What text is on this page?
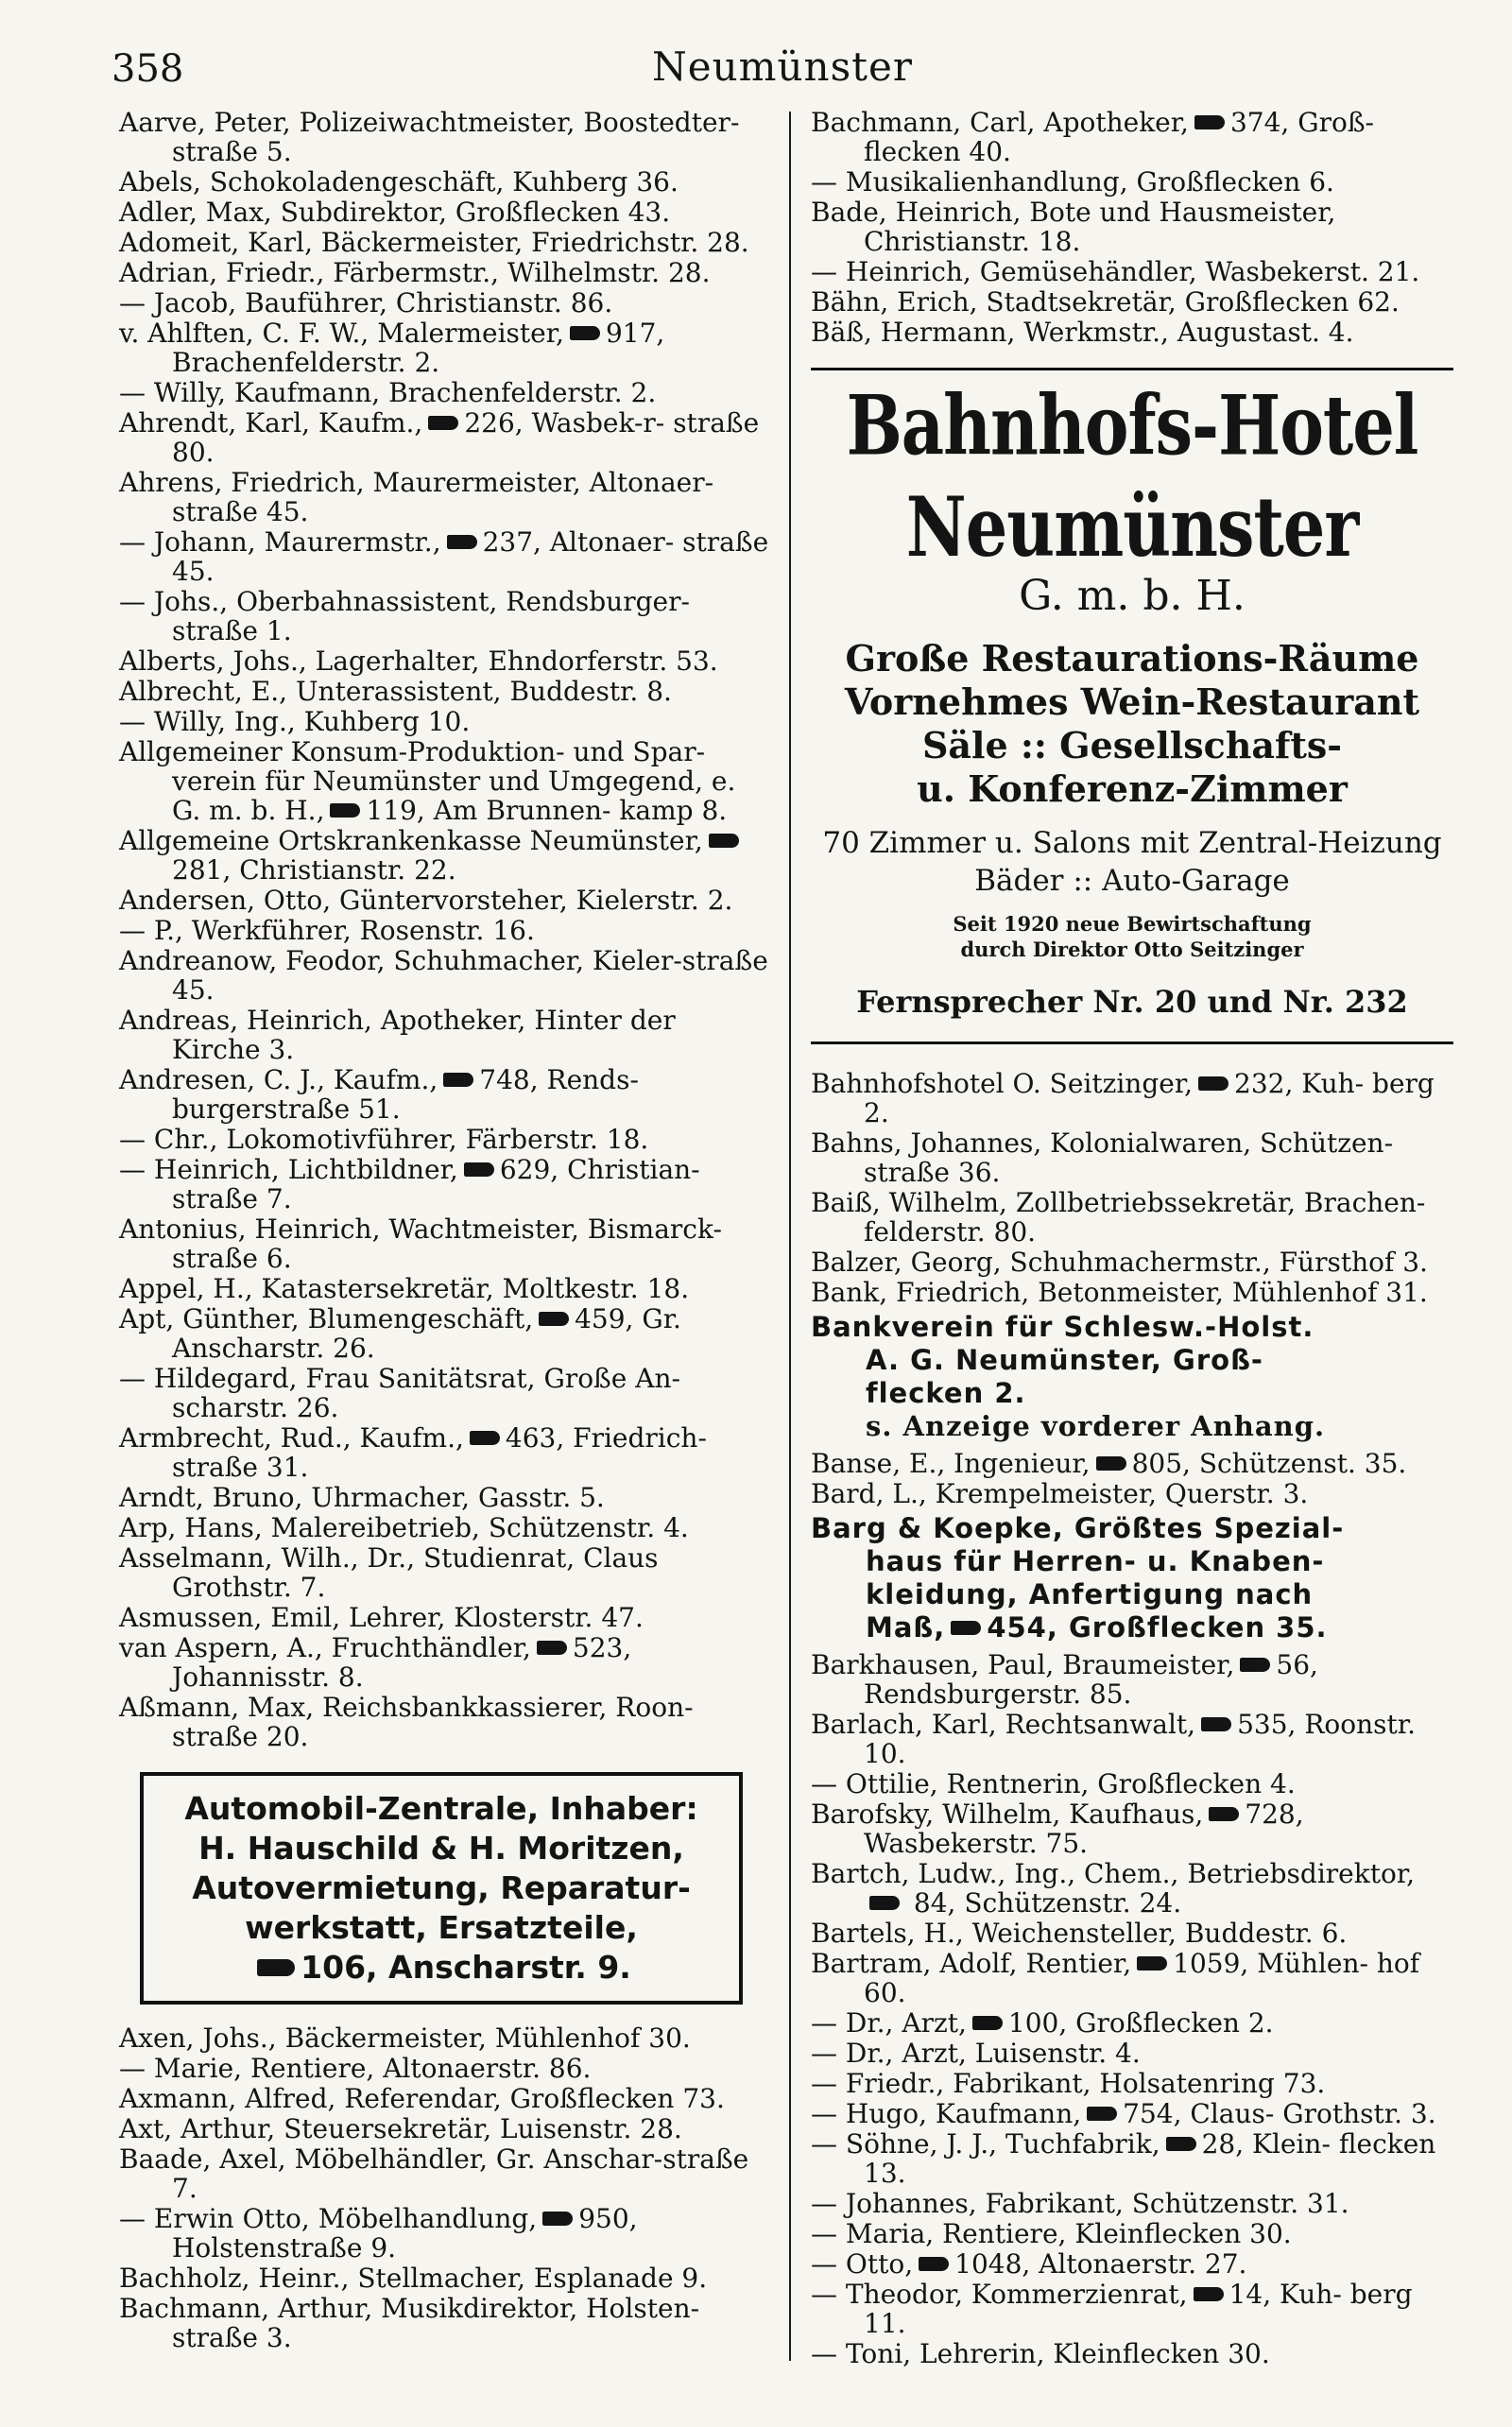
358	Neumünster
Aarve, Peter, Polizeiwachtmeister, Boostedter-straße 5.
Abels, Schokoladengeschäft, Kuhberg 36.
Adler, Max, Subdirektor, Großflecken 43.
Adomeit, Karl, Bäckermeister, Friedrichstr. 28.
Adrian, Friedr., Färbermstr., Wilhelmstr. 28.
— Jacob, Bauführer, Christianstr. 86.
v. Ahlften, C. F. W., Malermeister, 917, Brachenfelderstr. 2.
— Willy, Kaufmann, Brachenfelderstr. 2.
Ahrendt, Karl, Kaufm., 226, Wasbek-r- straße 80.
Ahrens, Friedrich, Maurermeister, Altonaer-straße 45.
— Johann, Maurermstr., 237, Altonaer- straße 45.
— Johs., Oberbahnassistent, Rendsburger-straße 1.
Alberts, Johs., Lagerhalter, Ehndorferstr. 53.
Albrecht, E., Unterassistent, Buddestr. 8.
— Willy, Ing., Kuhberg 10.
Allgemeiner Konsum-Produktion- und Spar-verein für Neumünster und Umgegend, e. G. m. b. H., 119, Am Brunnen- kamp 8.
Allgemeine Ortskrankenkasse Neumünster, 281, Christianstr. 22.
Andersen, Otto, Güntervorsteher, Kielerstr. 2.
— P., Werkführer, Rosenstr. 16.
Andreanow, Feodor, Schuhmacher, Kieler-straße 45.
Andreas, Heinrich, Apotheker, Hinter der Kirche 3.
Andresen, C. J., Kaufm., 748, Rends- burgerstraße 51.
— Chr., Lokomotivführer, Färberstr. 18.
— Heinrich, Lichtbildner, 629, Christian- straße 7.
Antonius, Heinrich, Wachtmeister, Bismarck-straße 6.
Appel, H., Katastersekretär, Moltkestr. 18.
Apt, Günther, Blumengeschäft, 459, Gr. Anscharstr. 26.
— Hildegard, Frau Sanitätsrat, Große An-scharstr. 26.
Armbrecht, Rud., Kaufm., 463, Friedrich- straße 31.
Arndt, Bruno, Uhrmacher, Gasstr. 5.
Arp, Hans, Malereibetrieb, Schützenstr. 4.
Asselmann, Wilh., Dr., Studienrat, Claus Grothstr. 7.
Asmussen, Emil, Lehrer, Klosterstr. 47.
van Aspern, A., Fruchthändler, 523, Johannisstr. 8.
Aßmann, Max, Reichsbankkassierer, Roon-straße 20.
Automobil-Zentrale, Inhaber:
H. Hauschild & H. Moritzen,
Autovermietung, Reparatur-
werkstatt, Ersatzteile,
106, Anscharstr. 9.
Axen, Johs., Bäckermeister, Mühlenhof 30.
— Marie, Rentiere, Altonaerstr. 86.
Axmann, Alfred, Referendar, Großflecken 73.
Axt, Arthur, Steuersekretär, Luisenstr. 28.
Baade, Axel, Möbelhändler, Gr. Anschar-straße 7.
— Erwin Otto, Möbelhandlung, 950, Holstenstraße 9.
Bachholz, Heinr., Stellmacher, Esplanade 9.
Bachmann, Arthur, Musikdirektor, Holsten-straße 3.
Bachmann, Carl, Apotheker, 374, Groß- flecken 40.
— Musikalienhandlung, Großflecken 6.
Bade, Heinrich, Bote und Hausmeister, Christianstr. 18.
— Heinrich, Gemüsehändler, Wasbekerst. 21.
Bähn, Erich, Stadtsekretär, Großflecken 62.
Bäß, Hermann, Werkmstr., Augustast. 4.
Bahnhofs-Hotel Neumünster
G. m. b. H.
Große Restaurations-Räume
Vornehmes Wein-Restaurant
Säle :: Gesellschafts-
u. Konferenz-Zimmer
70 Zimmer u. Salons mit Zentral-Heizung
Bäder :: Auto-Garage
Seit 1920 neue Bewirtschaftung
durch Direktor Otto Seitzinger
Fernsprecher Nr. 20 und Nr. 232
Bahnhofshotel O. Seitzinger, 232, Kuh- berg 2.
Bahns, Johannes, Kolonialwaren, Schützen-straße 36.
Baiß, Wilhelm, Zollbetriebssekretär, Brachen-felderstr. 80.
Balzer, Georg, Schuhmachermstr., Fürsthof 3.
Bank, Friedrich, Betonmeister, Mühlenhof 31.
Bankverein für Schlesw.-Holst.
A. G. Neumünster, Groß-
flecken 2.
s. Anzeige vorderer Anhang.
Banse, E., Ingenieur, 805, Schützenst. 35.
Bard, L., Krempelmeister, Querstr. 3.
Barg & Koepke, Größtes Spezial-
haus für Herren- u. Knaben-
kleidung, Anfertigung nach
Maß, 454, Großflecken 35.
Barkhausen, Paul, Braumeister, 56, Rendsburgerstr. 85.
Barlach, Karl, Rechtsanwalt, 535, Roonstr. 10.
— Ottilie, Rentnerin, Großflecken 4.
Barofsky, Wilhelm, Kaufhaus, 728, Wasbekerstr. 75.
Bartch, Ludw., Ing., Chem., Betriebsdirektor, 84, Schützenstr. 24.
Bartels, H., Weichensteller, Buddestr. 6.
Bartram, Adolf, Rentier, 1059, Mühlen- hof 60.
— Dr., Arzt, 100, Großflecken 2.
— Dr., Arzt, Luisenstr. 4.
— Friedr., Fabrikant, Holsatenring 73.
— Hugo, Kaufmann, 754, Claus- Grothstr. 3.
— Söhne, J. J., Tuchfabrik, 28, Klein- flecken 13.
— Johannes, Fabrikant, Schützenstr. 31.
— Maria, Rentiere, Kleinflecken 30.
— Otto, 1048, Altonaerstr. 27.
— Theodor, Kommerzienrat, 14, Kuh- berg 11.
— Toni, Lehrerin, Kleinflecken 30.
